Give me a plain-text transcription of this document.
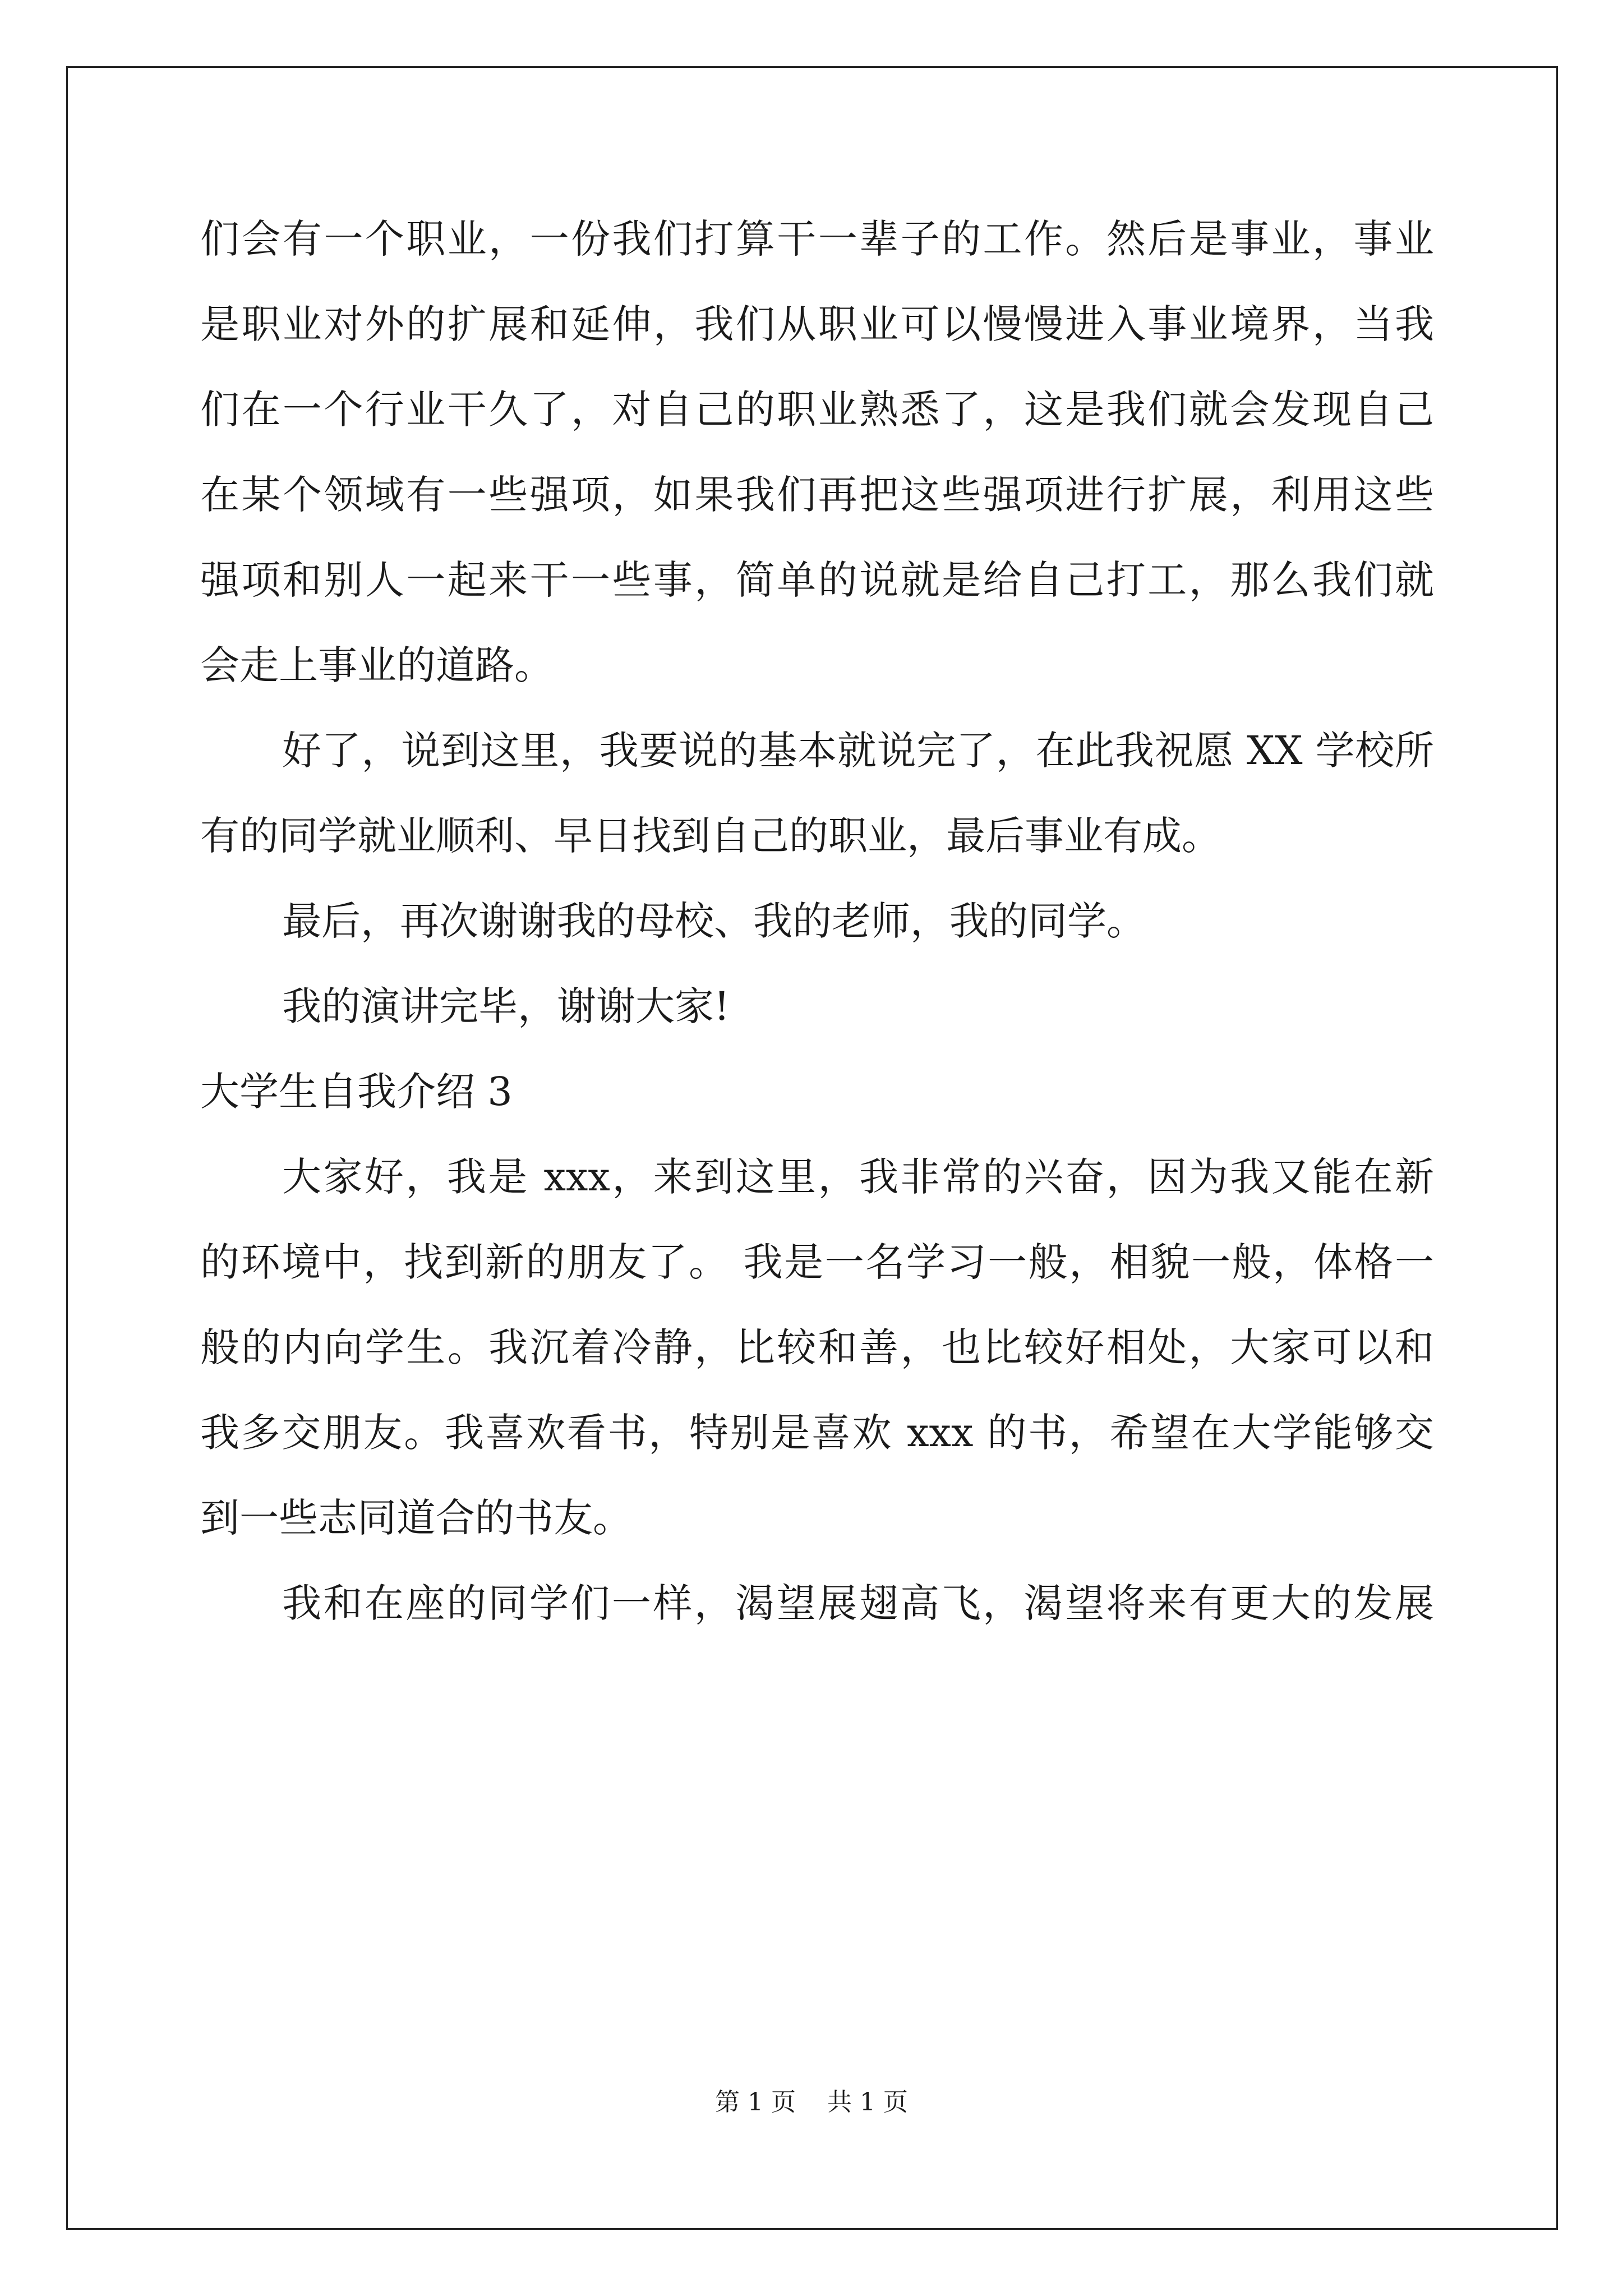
们会有一个职业，一份我们打算干一辈子的工作。然后是事业，事业
是职业对外的扩展和延伸，我们从职业可以慢慢进入事业境界，当我
们在一个行业干久了，对自己的职业熟悉了，这是我们就会发现自己
在某个领域有一些强项，如果我们再把这些强项进行扩展，利用这些
强项和别人一起来干一些事，简单的说就是给自己打工，那么我们就
会走上事业的道路。
好了，说到这里，我要说的基本就说完了，在此我祝愿 XX 学校所
有的同学就业顺利、早日找到自己的职业，最后事业有成。
最后，再次谢谢我的母校、我的老师，我的同学。
我的演讲完毕，谢谢大家!
大学生自我介绍 3
大家好，我是 xxx，来到这里，我非常的兴奋，因为我又能在新
的环境中，找到新的朋友了。 我是一名学习一般，相貌一般，体格一
般的内向学生。我沉着冷静，比较和善，也比较好相处，大家可以和
我多交朋友。我喜欢看书，特别是喜欢 xxx 的书，希望在大学能够交
到一些志同道合的书友。
我和在座的同学们一样，渴望展翅高飞，渴望将来有更大的发展
第 1 页    共 1 页
